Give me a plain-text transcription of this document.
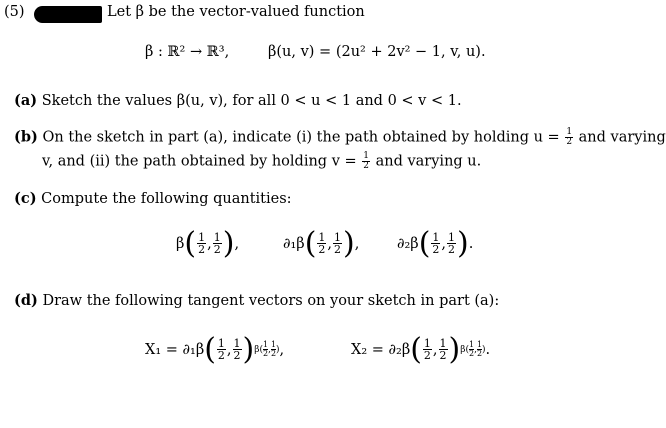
(5)	Let β be the vector-valued function
β : ℝ² → ℝ³,	β(u, v) = (2u² + 2v² − 1, v, u).
(a) Sketch the values β(u, v), for all 0 < u < 1 and 0 < v < 1.
(b) On the sketch in part (a), indicate (i) the path obtained by holding $u = \frac{1}{2}$ and varying
v, and (ii) the path obtained by holding $v = \frac{1}{2}$ and varying u.
(c) Compute the following quantities:
β ( $\frac{1}{2}$ , $\frac{1}{2}$ ) ,	∂₁β ( $\frac{1}{2}$ , $\frac{1}{2}$ ) ,	∂₂β ( $\frac{1}{2}$ , $\frac{1}{2}$ ) .
(d) Draw the following tangent vectors on your sketch in part (a):
X₁ = ∂₁β ( $\frac{1}{2}$ , $\frac{1}{2}$ ) $\beta( \frac{1}{2}$ , $\frac{1}{2}$ ) ,	X₂ = ∂₂β ( $\frac{1}{2}$ , $\frac{1}{2}$ ) $\beta( \frac{1}{2}$ , $\frac{1}{2}$ ) .
